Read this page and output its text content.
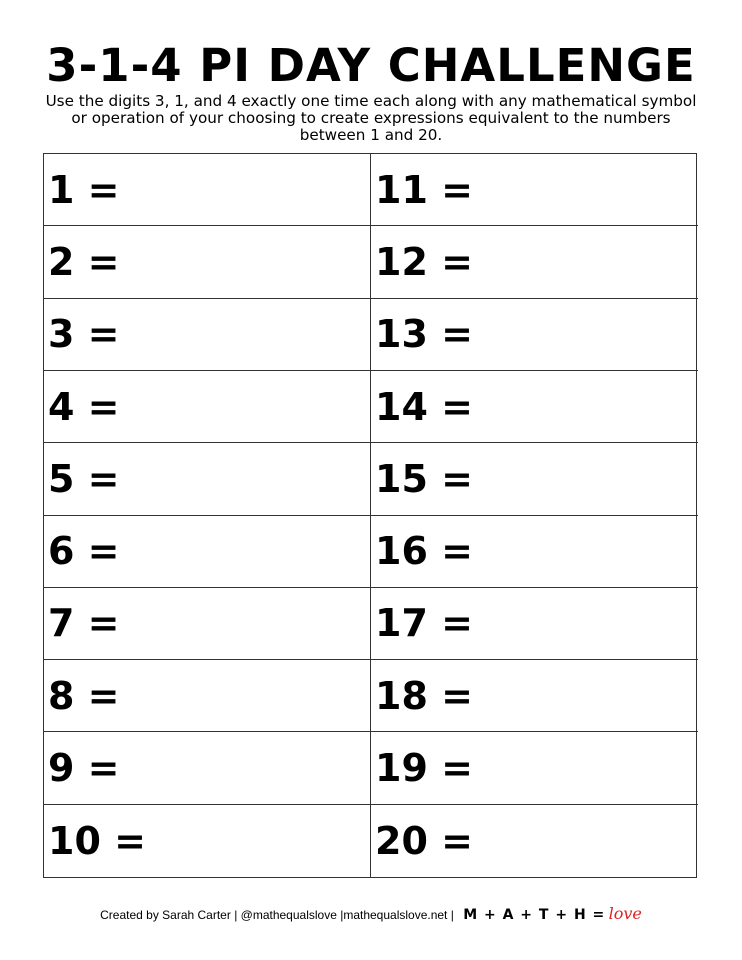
3-1-4 PI DAY CHALLENGE
Use the digits 3, 1, and 4 exactly one time each along with any mathematical symbol or operation of your choosing to create expressions equivalent to the numbers between 1 and 20.
1 =
2 =
3 =
4 =
5 =
6 =
7 =
8 =
9 =
10 =
11 =
12 =
13 =
14 =
15 =
16 =
17 =
18 =
19 =
20 =
Created by Sarah Carter | @mathequalslove |mathequalslove.net | M + A + T + H = love
